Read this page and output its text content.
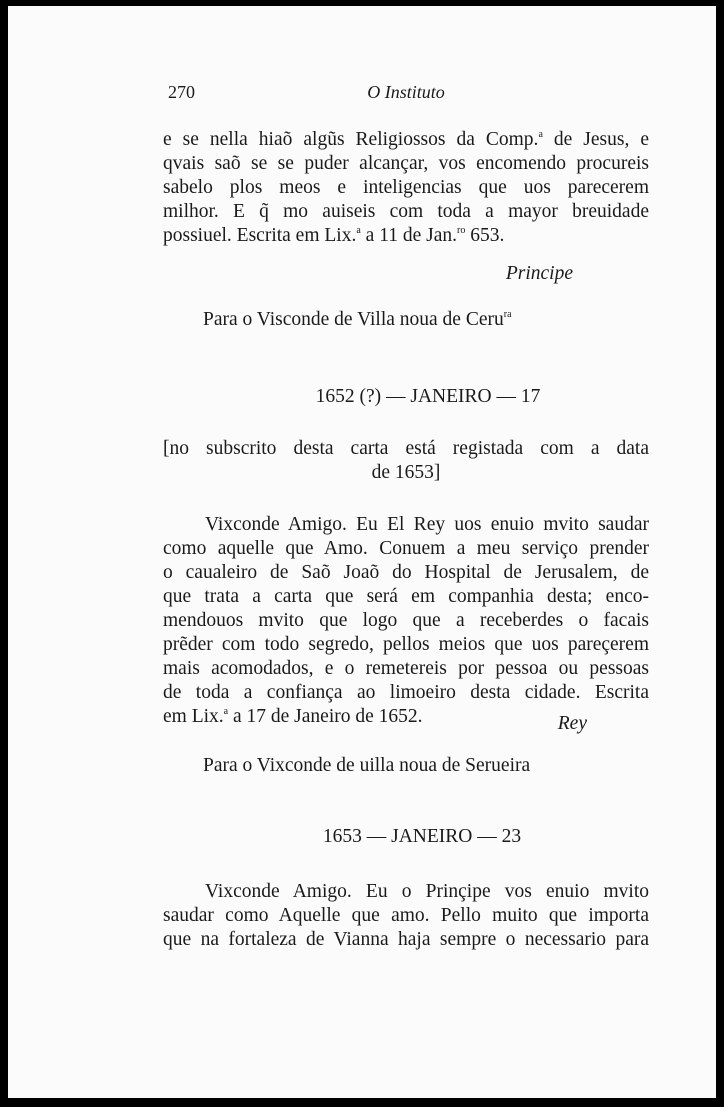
270	O Instituto
e se nella hiaõ algũs Religiossos da Comp.$^a$ de Jesus, e
qvais saõ se se puder alcançar, vos encomendo procureis
sabelo plos meos e inteligencias que uos parecerem
milhor. E q̃ mo auiseis com toda a mayor breuidade
possiuel. Escrita em Lix.$^a$ a 11 de Jan.$^{ro}$ 653.
Principe
Para o Visconde de Villa noua de Ceru$^{ra}$
1652 (?) — JANEIRO — 17
[no subscrito desta carta está registada com a data
de 1653]
Vixconde Amigo. Eu El Rey uos enuio mvito saudar
como aquelle que Amo. Conuem a meu serviço prender
o caualeiro de Saõ Joaõ do Hospital de Jerusalem, de
que trata a carta que será em companhia desta; enco-
mendouos mvito que logo que a receberdes o facais
prẽder com todo segredo, pellos meios que uos pareçerem
mais acomodados, e o remetereis por pessoa ou pessoas
de toda a confiança ao limoeiro desta cidade. Escrita
em Lix.$^a$ a 17 de Janeiro de 1652.	Rey
Para o Vixconde de uilla noua de Serueira
1653 — JANEIRO — 23
Vixconde Amigo. Eu o Prinçipe vos enuio mvito
saudar como Aquelle que amo. Pello muito que importa
que na fortaleza de Vianna haja sempre o necessario para
